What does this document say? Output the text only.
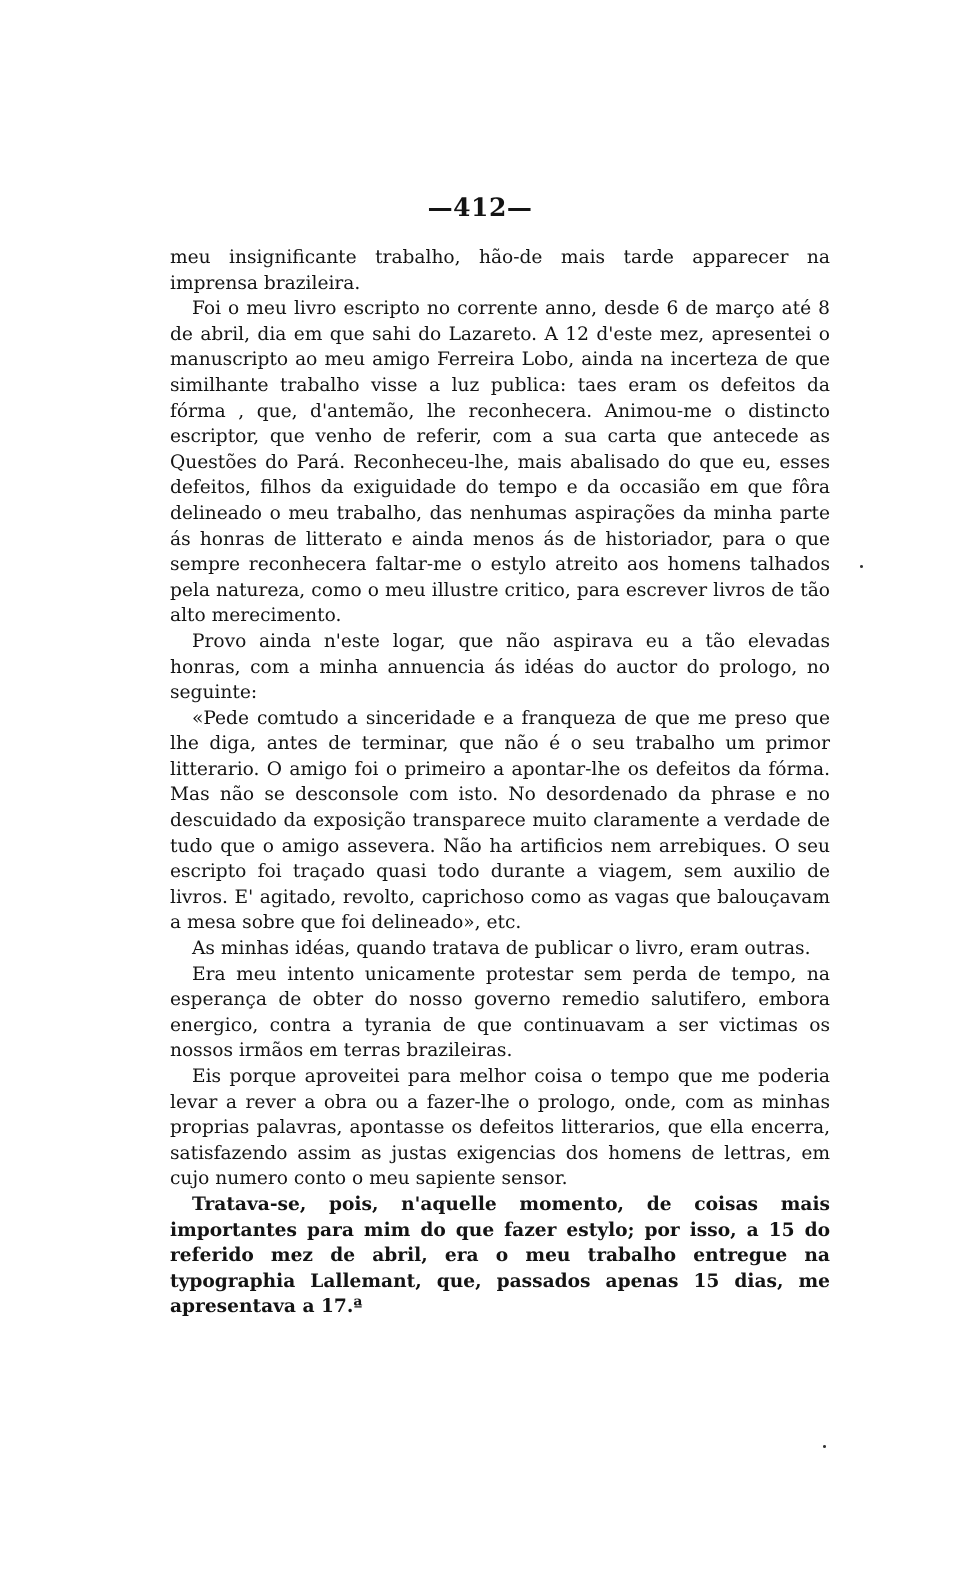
—412—

meu insignificante trabalho, hão-de mais tarde apparecer na imprensa brazileira.

Foi o meu livro escripto no corrente anno, desde 6 de março até 8 de abril, dia em que sahi do Lazareto. A 12 d'este mez, apresentei o manuscripto ao meu amigo Ferreira Lobo, ainda na incerteza de que similhante trabalho visse a luz publica: taes eram os defeitos da fórma , que, d'antemão, lhe reconhecera. Animou-me o distincto escriptor, que venho de referir, com a sua carta que antecede as Questões do Pará. Reconheceu-lhe, mais abalisado do que eu, esses defeitos, filhos da exiguidade do tempo e da occasião em que fôra delineado o meu trabalho, das nenhumas aspirações da minha parte ás honras de litterato e ainda menos ás de historiador, para o que sempre reconhecera faltar-me o estylo atreito aos homens talhados pela natureza, como o meu illustre critico, para escrever livros de tão alto merecimento.

Provo ainda n'este logar, que não aspirava eu a tão elevadas honras, com a minha annuencia ás idéas do auctor do prologo, no seguinte:

«Pede comtudo a sinceridade e a franqueza de que me preso que lhe diga, antes de terminar, que não é o seu trabalho um primor litterario. O amigo foi o primeiro a apontar-lhe os defeitos da fórma. Mas não se desconsole com isto. No desordenado da phrase e no descuidado da exposição transparece muito claramente a verdade de tudo que o amigo assevera. Não ha artificios nem arrebiques. O seu escripto foi traçado quasi todo durante a viagem, sem auxilio de livros. E' agitado, revolto, caprichoso como as vagas que balouçavam a mesa sobre que foi delineado», etc.

As minhas idéas, quando tratava de publicar o livro, eram outras.

Era meu intento unicamente protestar sem perda de tempo, na esperança de obter do nosso governo remedio salutifero, embora energico, contra a tyrania de que continuavam a ser victimas os nossos irmãos em terras brazileiras.

Eis porque aproveitei para melhor coisa o tempo que me poderia levar a rever a obra ou a fazer-lhe o prologo, onde, com as minhas proprias palavras, apontasse os defeitos litterarios, que ella encerra, satisfazendo assim as justas exigencias dos homens de lettras, em cujo numero conto o meu sapiente sensor.

Tratava-se, pois, n'aquelle momento, de coisas mais importantes para mim do que fazer estylo; por isso, a 15 do referido mez de abril, era o meu trabalho entregue na typographia Lallemant, que, passados apenas 15 dias, me apresentava a 17.ª
